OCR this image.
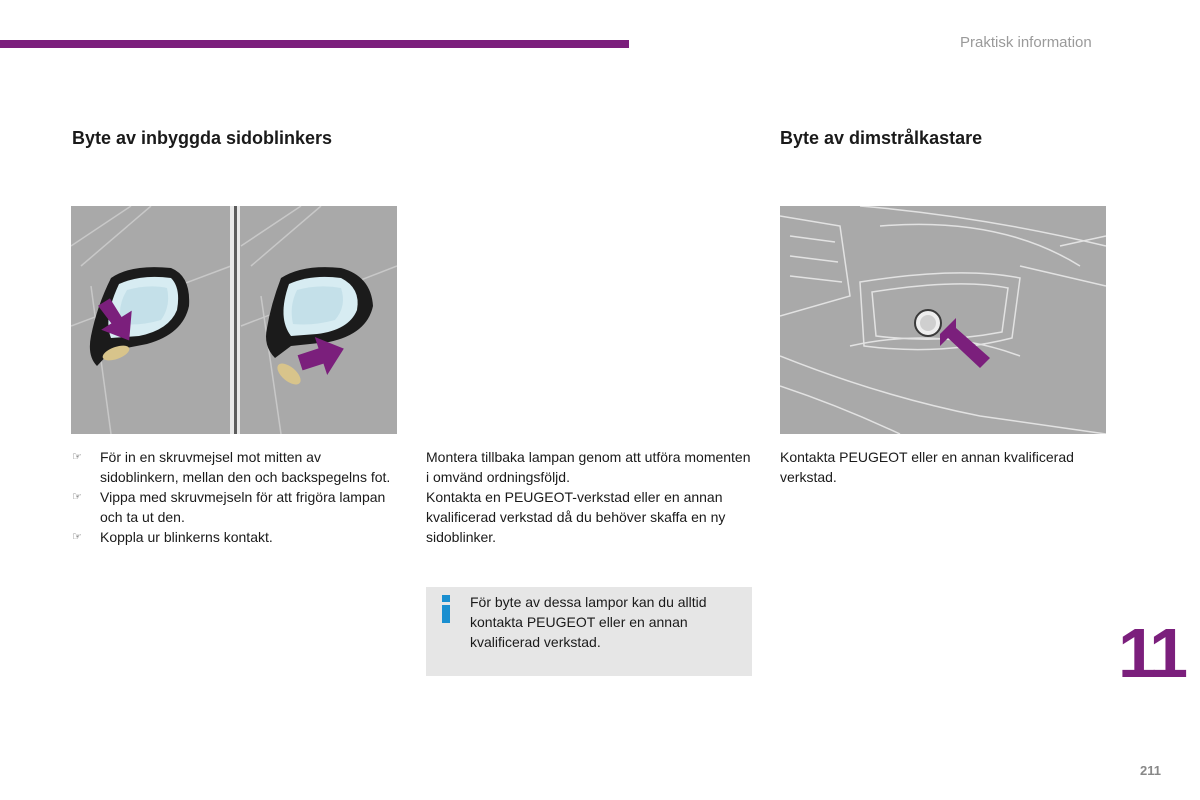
Praktisk information
Byte av inbyggda sidoblinkers	Byte av dimstrålkastare
☞ För in en skruvmejsel mot mitten av sidoblinkern, mellan den och backspegelns fot.
☞ Vippa med skruvmejseln för att frigöra lampan och ta ut den.
☞ Koppla ur blinkerns kontakt.

Montera tillbaka lampan genom att utföra momenten i omvänd ordningsföljd.

Kontakta en PEUGEOT-verkstad eller en annan kvalificerad verkstad då du behöver skaffa en ny sidoblinker.

För byte av dessa lampor kan du alltid kontakta PEUGEOT eller en annan kvalificerad verkstad.

Kontakta PEUGEOT eller en annan kvalificerad verkstad.

11
211
